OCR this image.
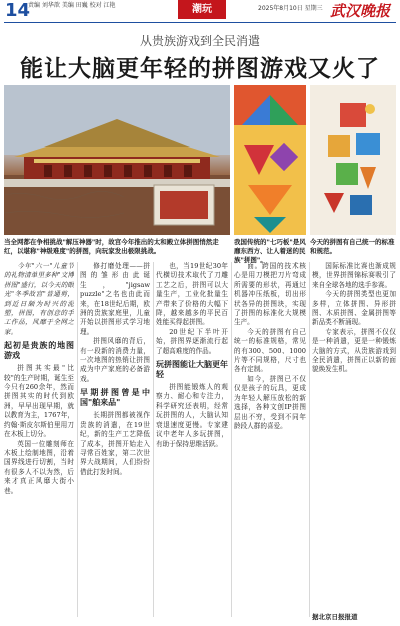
14
责编 刘华歆 美编 田巍 校对 江艳	潮玩	2025年8月10日 星期三 武汉晚报
从贵族游戏到全民消遣
能让大脑更年轻的拼图游戏又火了
当全网都在争相挑战"解压神器"时，故宫今年推出的太和殿立体拼图悄然走红，以堪称"神级难度"的拼图，向玩家发出极限挑战。
我国传统的"七巧板"是风靡东西方、让人着迷的民族"拼图"。
今天的拼图有自己统一的标准和规范。

今年"六一"儿童节的礼物清单里多种"文博拼图"盛行，以今天的眼光"冬季故宫"普通剪，到近日颇为时兴的泥塑，拼图，有创意的手工作品，风靡于全网之家。

起初是贵族的地图游戏

拼图其实最"比较"的生产时期，诞生至今只有260余年，然而拼图其实的时代到欧洲，早早出现早期，就以教育为主，1767年，约翰·斯皮尔斯伯里用刀在木板上切分。

英国一位雕刻师在木板上绘制地图，沿着国界线进行切割，当时有很多人不以为然，后来才真正风靡大街小巷。

修打磨处理——拼图的雏形由此诞生，"jigsaw puzzle"之名也由此而来，在18世纪后期，欧洲的贵族家庭里，儿童开始以拼图形式学习地理。

拼图风靡的背后，有一段新的消费力量，一次地图的热销让拼图成为中产家庭的必备游戏。

早期拼图曾是中国"舶来品"

长期拼图都被视作贵族的消遣，在19世纪，新的生产工艺降低了成本，拼图开始走入寻常百姓家，第二次世界大战期间，人们纷纷借此打发时间。

也，当19世纪30年代横切技术取代了刀雕工艺之后，拼图可以大量生产，工业化批量生产带来了价格的大幅下降，越来越多的平民百姓能买得起拼图。

20世纪下半叶开始，拼图界逐渐流行起了超高难度的作品。

玩拼图能让大脑更年轻

拼图能锻炼人的观察力、耐心和专注力，科学研究还表明，经常玩拼图的人，大脑认知衰退速度更慢。专家建议中老年人多玩拼图，有助于保持思维活跃。

面。跨国的技术核心是用刀模把刀片弯成所需要的形状，再通过机器冲压纸板，切出形状各异的拼图块，实现了拼图的标准化大规模生产。

今天的拼图有自己统一的标准规格，常见的有300、500、1000片等不同规格，尺寸也各有定制。

如今，拼图已不仅仅是孩子的玩具，更成为年轻人解压放松的新选择，各种文创IP拼图层出不穷，受到不同年龄段人群的喜爱。

国际标准比赛也渐成规模，世界拼图锦标赛吸引了来自全球各地的选手参赛。

今天的拼图类型也更加多样，立体拼图、异形拼图、木质拼图、金属拼图等新品类不断涌现。

专家表示，拼图不仅仅是一种消遣，更是一种锻炼大脑的方式，从贵族游戏到全民消遣，拼图正以新的面貌焕发生机。

据北京日报报道
